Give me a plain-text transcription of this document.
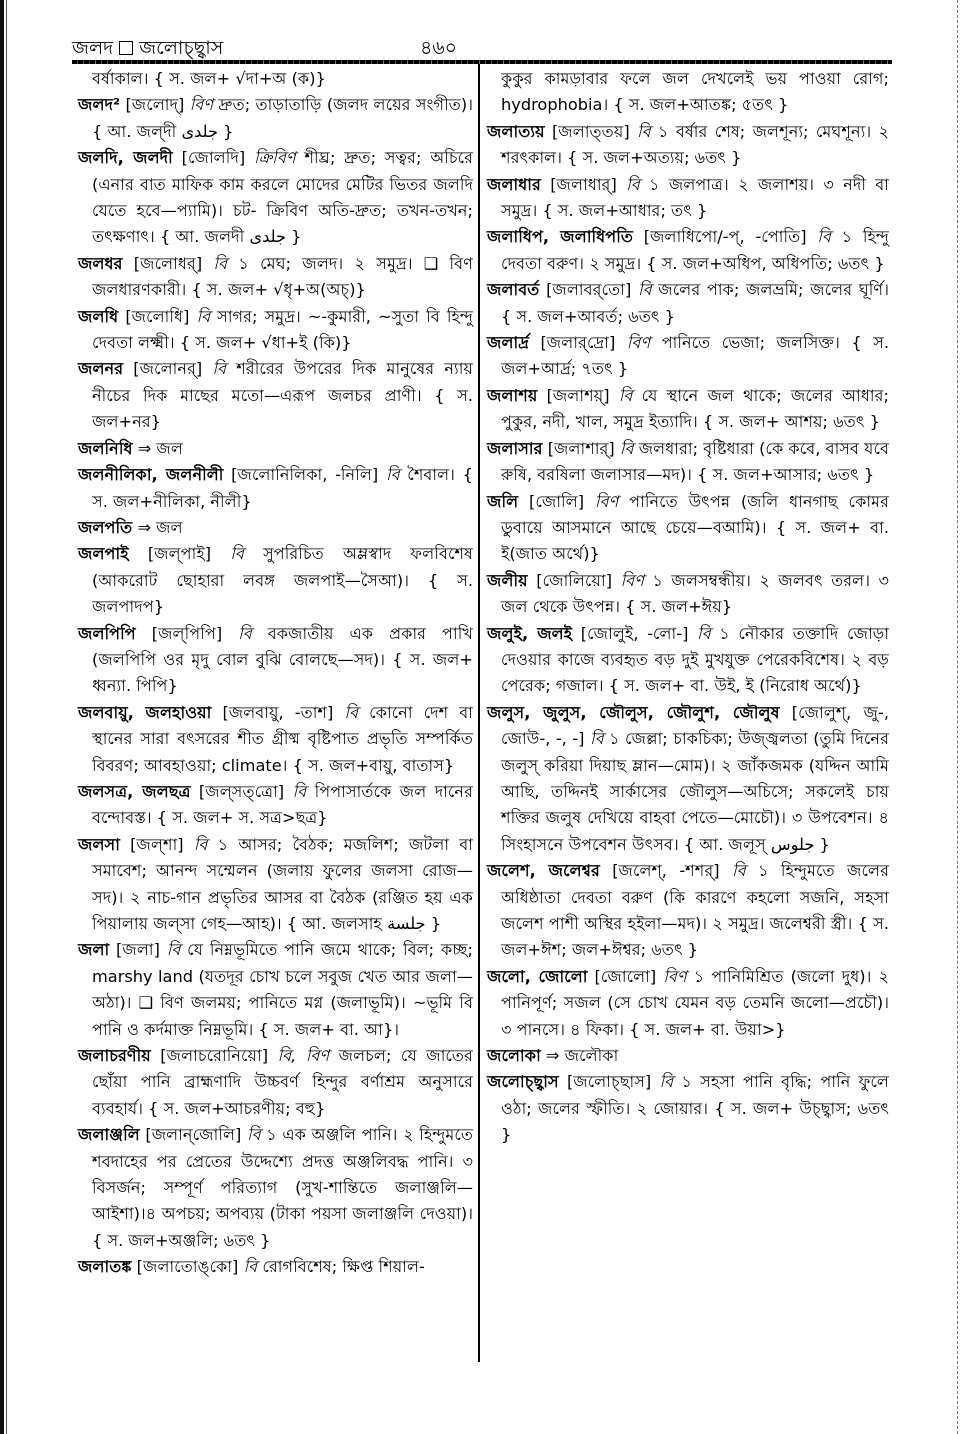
জলদ জলোচ্ছ্বাস	৪৬০

বর্ষাকাল। { স. জল+ √দা+অ (ক)}

জলদ² [জলোদ্] বিণ দ্রুত; তাড়াতাড়ি (জলদ লয়ের সংগীত)। { আ. জল্‌দী جلدی }

জলদি, জলদী [জোলদি] ক্রিবিণ শীঘ্র; দ্রুত; সত্বর; অচিরে (এনার বাত মাফিক কাম করলে মোদের মেটির ভিতর জলদি যেতে হবে—প্যামি)। চট- ক্রিবিণ অতি-দ্রুত; তখন-তখন; তৎক্ষণাৎ। { আ. জলদী جلدی }

জলধর [জলোধর্] বি ১ মেঘ; জলদ। ২ সমুদ্র। ❑ বিণ জলধারণকারী। { স. জল+ √ধৃ+অ(অচ্)}

জলধি [জলোধি] বি সাগর; সমুদ্র। ~-কুমারী, ~সুতা বি হিন্দু দেবতা লক্ষ্মী। { স. জল+ √ধা+ই (কি)}

জলনর [জলোনর্] বি শরীরের উপরের দিক মানুষের ন্যায় নীচের দিক মাছের মতো—এরূপ জলচর প্রাণী। { স. জল+নর}

জলনিধি ⇒ জল

জলনীলিকা, জলনীলী [জলোনিলিকা, -নিলি] বি শৈবাল। { স. জল+নীলিকা, নীলী}

জলপতি ⇒ জল

জলপাই [জল্‌পাই] বি সুপরিচিত অম্লস্বাদ ফলবিশেষ (আকরোট ছোহারা লবঙ্গ জলপাই—সৈআ)। { স. জলপাদপ}

জলপিপি [জল্‌পিপি] বি বকজাতীয় এক প্রকার পাখি (জলপিপি ওর মৃদু বোল বুঝি বোলছে—সদ)। { স. জল+ ধ্বন্যা. পিপি}

জলবায়ু, জলহাওয়া [জলবায়ু, -তাশ] বি কোনো দেশ বা স্থানের সারা বৎসরের শীত গ্রীষ্ম বৃষ্টিপাত প্রভৃতি সম্পর্কিত বিবরণ; আবহাওয়া; climate। { স. জল+বায়ু, বাতাস}

জলসত্র, জলছত্র [জল্‌সত্‌ত্রো] বি পিপাসার্তকে জল দানের বন্দোবস্ত। { স. জল+ স. সত্র>ছত্র}

জলসা [জল্‌শা] বি ১ আসর; বৈঠক; মজলিশ; জটলা বা সমাবেশ; আনন্দ সম্মেলন (জলায় ফুলের জলসা রোজ—সদ)। ২ নাচ-গান প্রভৃতির আসর বা বৈঠক (রঞ্জিত হয় এক পিয়ালায় জল্‌সা গেহ—আহ)। { আ. জলসাহ جلسة }

জলা [জলা] বি যে নিম্নভূমিতে পানি জমে থাকে; বিল; কচ্ছ; marshy land (যতদূর চোখ চলে সবুজ খেত আর জলা—অঠা)। ❑ বিণ জলময়; পানিতে মগ্ন (জলাভূমি)। ~ভূমি বি পানি ও কর্দমাক্ত নিম্নভূমি। { স. জল+ বা. আ}।

জলাচরণীয় [জলাচরোনিয়ো] বি, বিণ জলচল; যে জাতের ছোঁয়া পানি ব্রাহ্মণাদি উচ্চবর্ণ হিন্দুর বর্ণাশ্রম অনুসারে ব্যবহার্য। { স. জল+আচরণীয়; বহু}

জলাঞ্জলি [জলান্‌জোলি] বি ১ এক অঞ্জলি পানি। ২ হিন্দুমতে শবদাহের পর প্রেতের উদ্দেশ্যে প্রদত্ত অঞ্জলিবদ্ধ পানি। ৩ বিসর্জন; সম্পূর্ণ পরিত্যাগ (সুখ-শান্তিতে জলাঞ্জলি—আইশা)।৪ অপচয়; অপব্যয় (টাকা পয়সা জলাঞ্জলি দেওয়া)। { স. জল+অঞ্জলি; ৬তৎ }

জলাতঙ্ক [জলাতোঙ্‌কো] বি রোগবিশেষ; ক্ষিপ্ত শিয়াল-

কুকুর কামড়াবার ফলে জল দেখলেই ভয় পাওয়া রোগ; hydrophobia। { স. জল+আতঙ্ক; ৫তৎ }

জলাত্যয় [জলাত্‌তয়] বি ১ বর্ষার শেষ; জলশূন্য; মেঘশূন্য। ২ শরৎকাল। { স. জল+অত্যয়; ৬তৎ }

জলাধার [জলাধার্] বি ১ জলপাত্র। ২ জলাশয়। ৩ নদী বা সমুদ্র। { স. জল+আধার; তৎ }

জলাধিপ, জলাধিপতি [জলাধিপো/-প্‌, -পোতি] বি ১ হিন্দু দেবতা বরুণ। ২ সমুদ্র। { স. জল+অধিপ, অধিপতি; ৬তৎ }

জলাবর্ত [জলাবর্‌তো] বি জলের পাক; জলভ্রমি; জলের ঘূর্ণি। { স. জল+আবর্ত; ৬তৎ }

জলার্দ্র [জলার্‌দ্রো] বিণ পানিতে ভেজা; জলসিক্ত। { স. জল+আর্দ্র; ৭তৎ }

জলাশয় [জলাশয়্] বি যে স্থানে জল থাকে; জলের আধার; পুকুর, নদী, খাল, সমুদ্র ইত্যাদি। { স. জল+ আশয়; ৬তৎ }

জলাসার [জলাশার্] বি জলধারা; বৃষ্টিধারা (কে কবে, বাসব যবে রুষি, বরষিলা জলাসার—মদ)। { স. জল+আসার; ৬তৎ }

জলি [জোলি] বিণ পানিতে উৎপন্ন (জলি ধানগাছ কোমর ডুবায়ে আসমানে আছে চেয়ে—বআমি)। { স. জল+ বা. ই(জাত অর্থে)}

জলীয় [জোলিয়ো] বিণ ১ জলসম্বন্ধীয়। ২ জলবৎ তরল। ৩ জল থেকে উৎপন্ন। { স. জল+ঈয়}

জলুই, জলই [জোলুই, -লো-] বি ১ নৌকার তক্তাদি জোড়া দেওয়ার কাজে ব্যবহৃত বড় দুই মুখযুক্ত পেরেকবিশেষ। ২ বড় পেরেক; গজাল। { স. জল+ বা. উই, ই (নিরোধ অর্থে)}

জলুস, জুলুস, জৌলুস, জৌলুশ, জৌলুষ [জোলুশ্‌, জু-, জোউ-, -, -] বি ১ জেল্লা; চাকচিক্য; উজ্জ্বলতা (তুমি দিনের জলুস্ করিয়া দিয়াছ ম্লান—মোম)। ২ জাঁকজমক (যদ্দিন আমি আছি, তদ্দিনই সার্কাসের জৌলুস—অচিসে; সকলেই চায় শক্তির জলুষ দেখিয়ে বাহবা পেতে—মোচৌ)। ৩ উপবেশন। ৪ সিংহাসনে উপবেশন উৎসব। { আ. জলূস্ جلوس }

জলেশ, জলেশ্বর [জলেশ্‌, -শশর্] বি ১ হিন্দুমতে জলের অধিষ্ঠাতা দেবতা বরুণ (কি কারণে কহলো সজনি, সহসা জলেশ পাশী অস্থির হইলা—মদ)। ২ সমুদ্র। জলেশ্বরী স্ত্রী। { স. জল+ঈশ; জল+ঈশ্বর; ৬তৎ }

জলো, জোলো [জোলো] বিণ ১ পানিমিশ্রিত (জলো দুধ)। ২ পানিপূর্ণ; সজল (সে চোখ যেমন বড় তেমনি জলো—প্রচৌ)। ৩ পানসে। ৪ ফিকা। { স. জল+ বা. উয়া>}

জলোকা ⇒ জলৌকা

জলোচ্ছ্বাস [জলোচ্‌ছাস] বি ১ সহসা পানি বৃদ্ধি; পানি ফুলে ওঠা; জলের স্ফীতি। ২ জোয়ার। { স. জল+ উচ্ছ্বাস; ৬তৎ }
